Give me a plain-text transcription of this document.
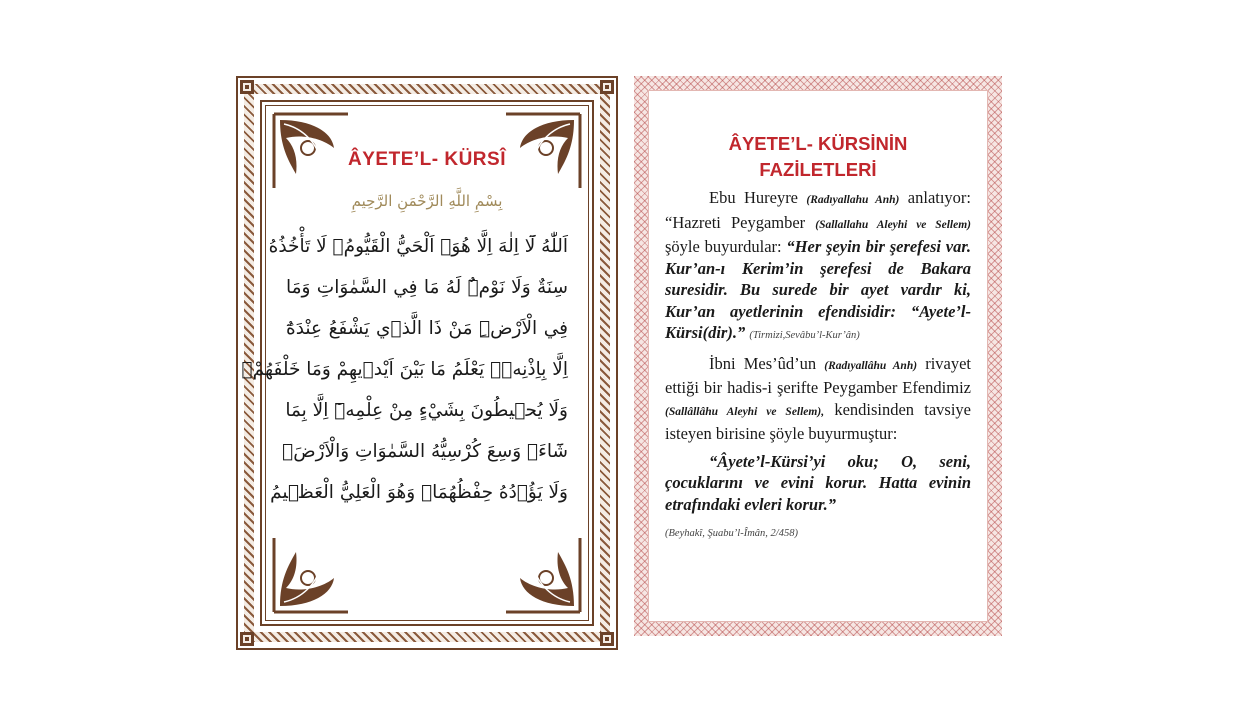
ÂYETE’L- KÜRSÎ
بِسْمِ اللَّهِ الرَّحْمَنِ الرَّحِيمِ
اَللّٰهُ لَٓا اِلٰهَ اِلَّا هُوَۚ اَلْحَيُّ الْقَيُّومُۚ لَا تَأْخُذُهُ
سِنَةٌ وَلَا نَوْمٌۜ لَهُ مَا فِي السَّمٰوَاتِ وَمَا
فِي الْاَرْضِۜ مَنْ ذَا الَّذٖي يَشْفَعُ عِنْدَهُٓ
اِلَّا بِاِذْنِهٖۜ يَعْلَمُ مَا بَيْنَ اَيْدٖيهِمْ وَمَا خَلْفَهُمْۚ
وَلَا يُحٖيطُونَ بِشَيْءٍ مِنْ عِلْمِهٖٓ اِلَّا بِمَا
شَٓاءَۚ وَسِعَ كُرْسِيُّهُ السَّمٰوَاتِ وَالْاَرْضَۚ
وَلَا يَؤُ۫دُهُ حِفْظُهُمَاۚ وَهُوَ الْعَلِيُّ الْعَظٖيمُ
ÂYETE’L- KÜRSİNİN
FAZİLETLERİ

Ebu Hureyre (Radıyallahu Anh) anlatıyor: “Hazreti Peygamber (Sallallahu Aleyhi ve Sellem) şöyle buyurdular: “Her şeyin bir şerefesi var. Kur’an-ı Kerim’in şerefesi de Bakara suresidir. Bu surede bir ayet vardır ki, Kur’an ayetlerinin efendisidir: “Ayete’l-Kürsi(dir).” (Tirmizi,Sevâbu’l-Kur’ân)

İbni Mes’ûd’un (Radıyallâhu Anh) rivayet ettiği bir hadis-i şerifte Peygamber Efendimiz (Sallâllâhu Aleyhi ve Sellem), kendisinden tavsiye isteyen birisine şöyle buyurmuştur:

“Âyete’l-Kürsi’yi oku; O, seni, çocuklarını ve evini korur. Hatta evinin etrafındaki evleri korur.”

(Beyhakî, Şuabu’l-Îmân, 2/458)
